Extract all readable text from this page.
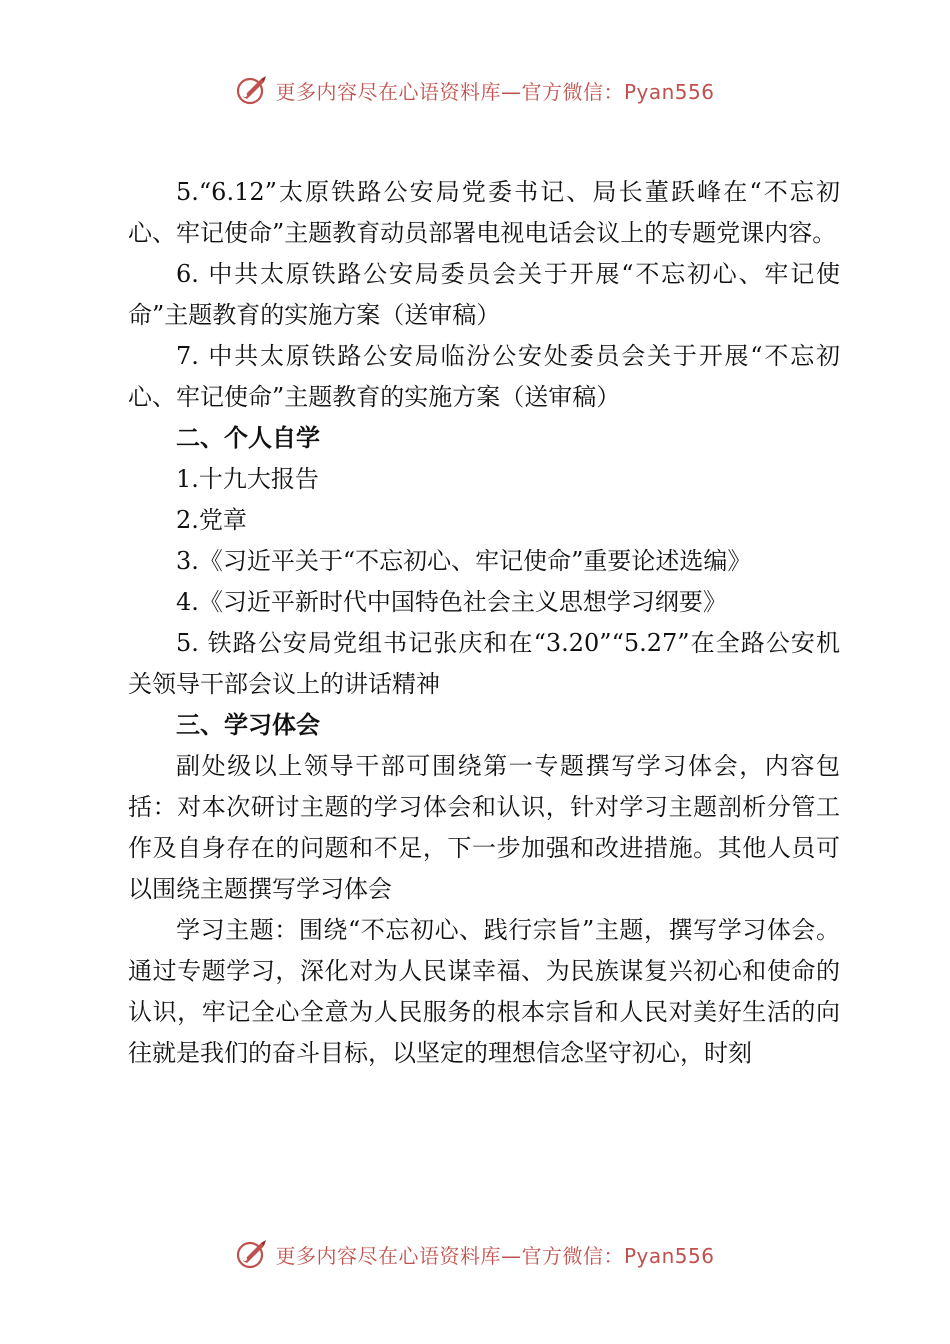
更多内容尽在心语资料库—官方微信：Pyan556

5.“6.12”太原铁路公安局党委书记、局长董跃峰在“不忘初心、牢记使命”主题教育动员部署电视电话会议上的专题党课内容。

6. 中共太原铁路公安局委员会关于开展“不忘初心、牢记使命”主题教育的实施方案（送审稿）

7. 中共太原铁路公安局临汾公安处委员会关于开展“不忘初心、牢记使命”主题教育的实施方案（送审稿）

二、个人自学

1.十九大报告

2.党章

3.《习近平关于“不忘初心、牢记使命”重要论述选编》

4.《习近平新时代中国特色社会主义思想学习纲要》

5. 铁路公安局党组书记张庆和在“3.20”“5.27”在全路公安机关领导干部会议上的讲话精神

三、学习体会

副处级以上领导干部可围绕第一专题撰写学习体会，内容包括：对本次研讨主题的学习体会和认识，针对学习主题剖析分管工作及自身存在的问题和不足，下一步加强和改进措施。其他人员可以围绕主题撰写学习体会

学习主题：围绕“不忘初心、践行宗旨”主题，撰写学习体会。通过专题学习，深化对为人民谋幸福、为民族谋复兴初心和使命的认识，牢记全心全意为人民服务的根本宗旨和人民对美好生活的向往就是我们的奋斗目标，以坚定的理想信念坚守初心，时刻

更多内容尽在心语资料库—官方微信：Pyan556
